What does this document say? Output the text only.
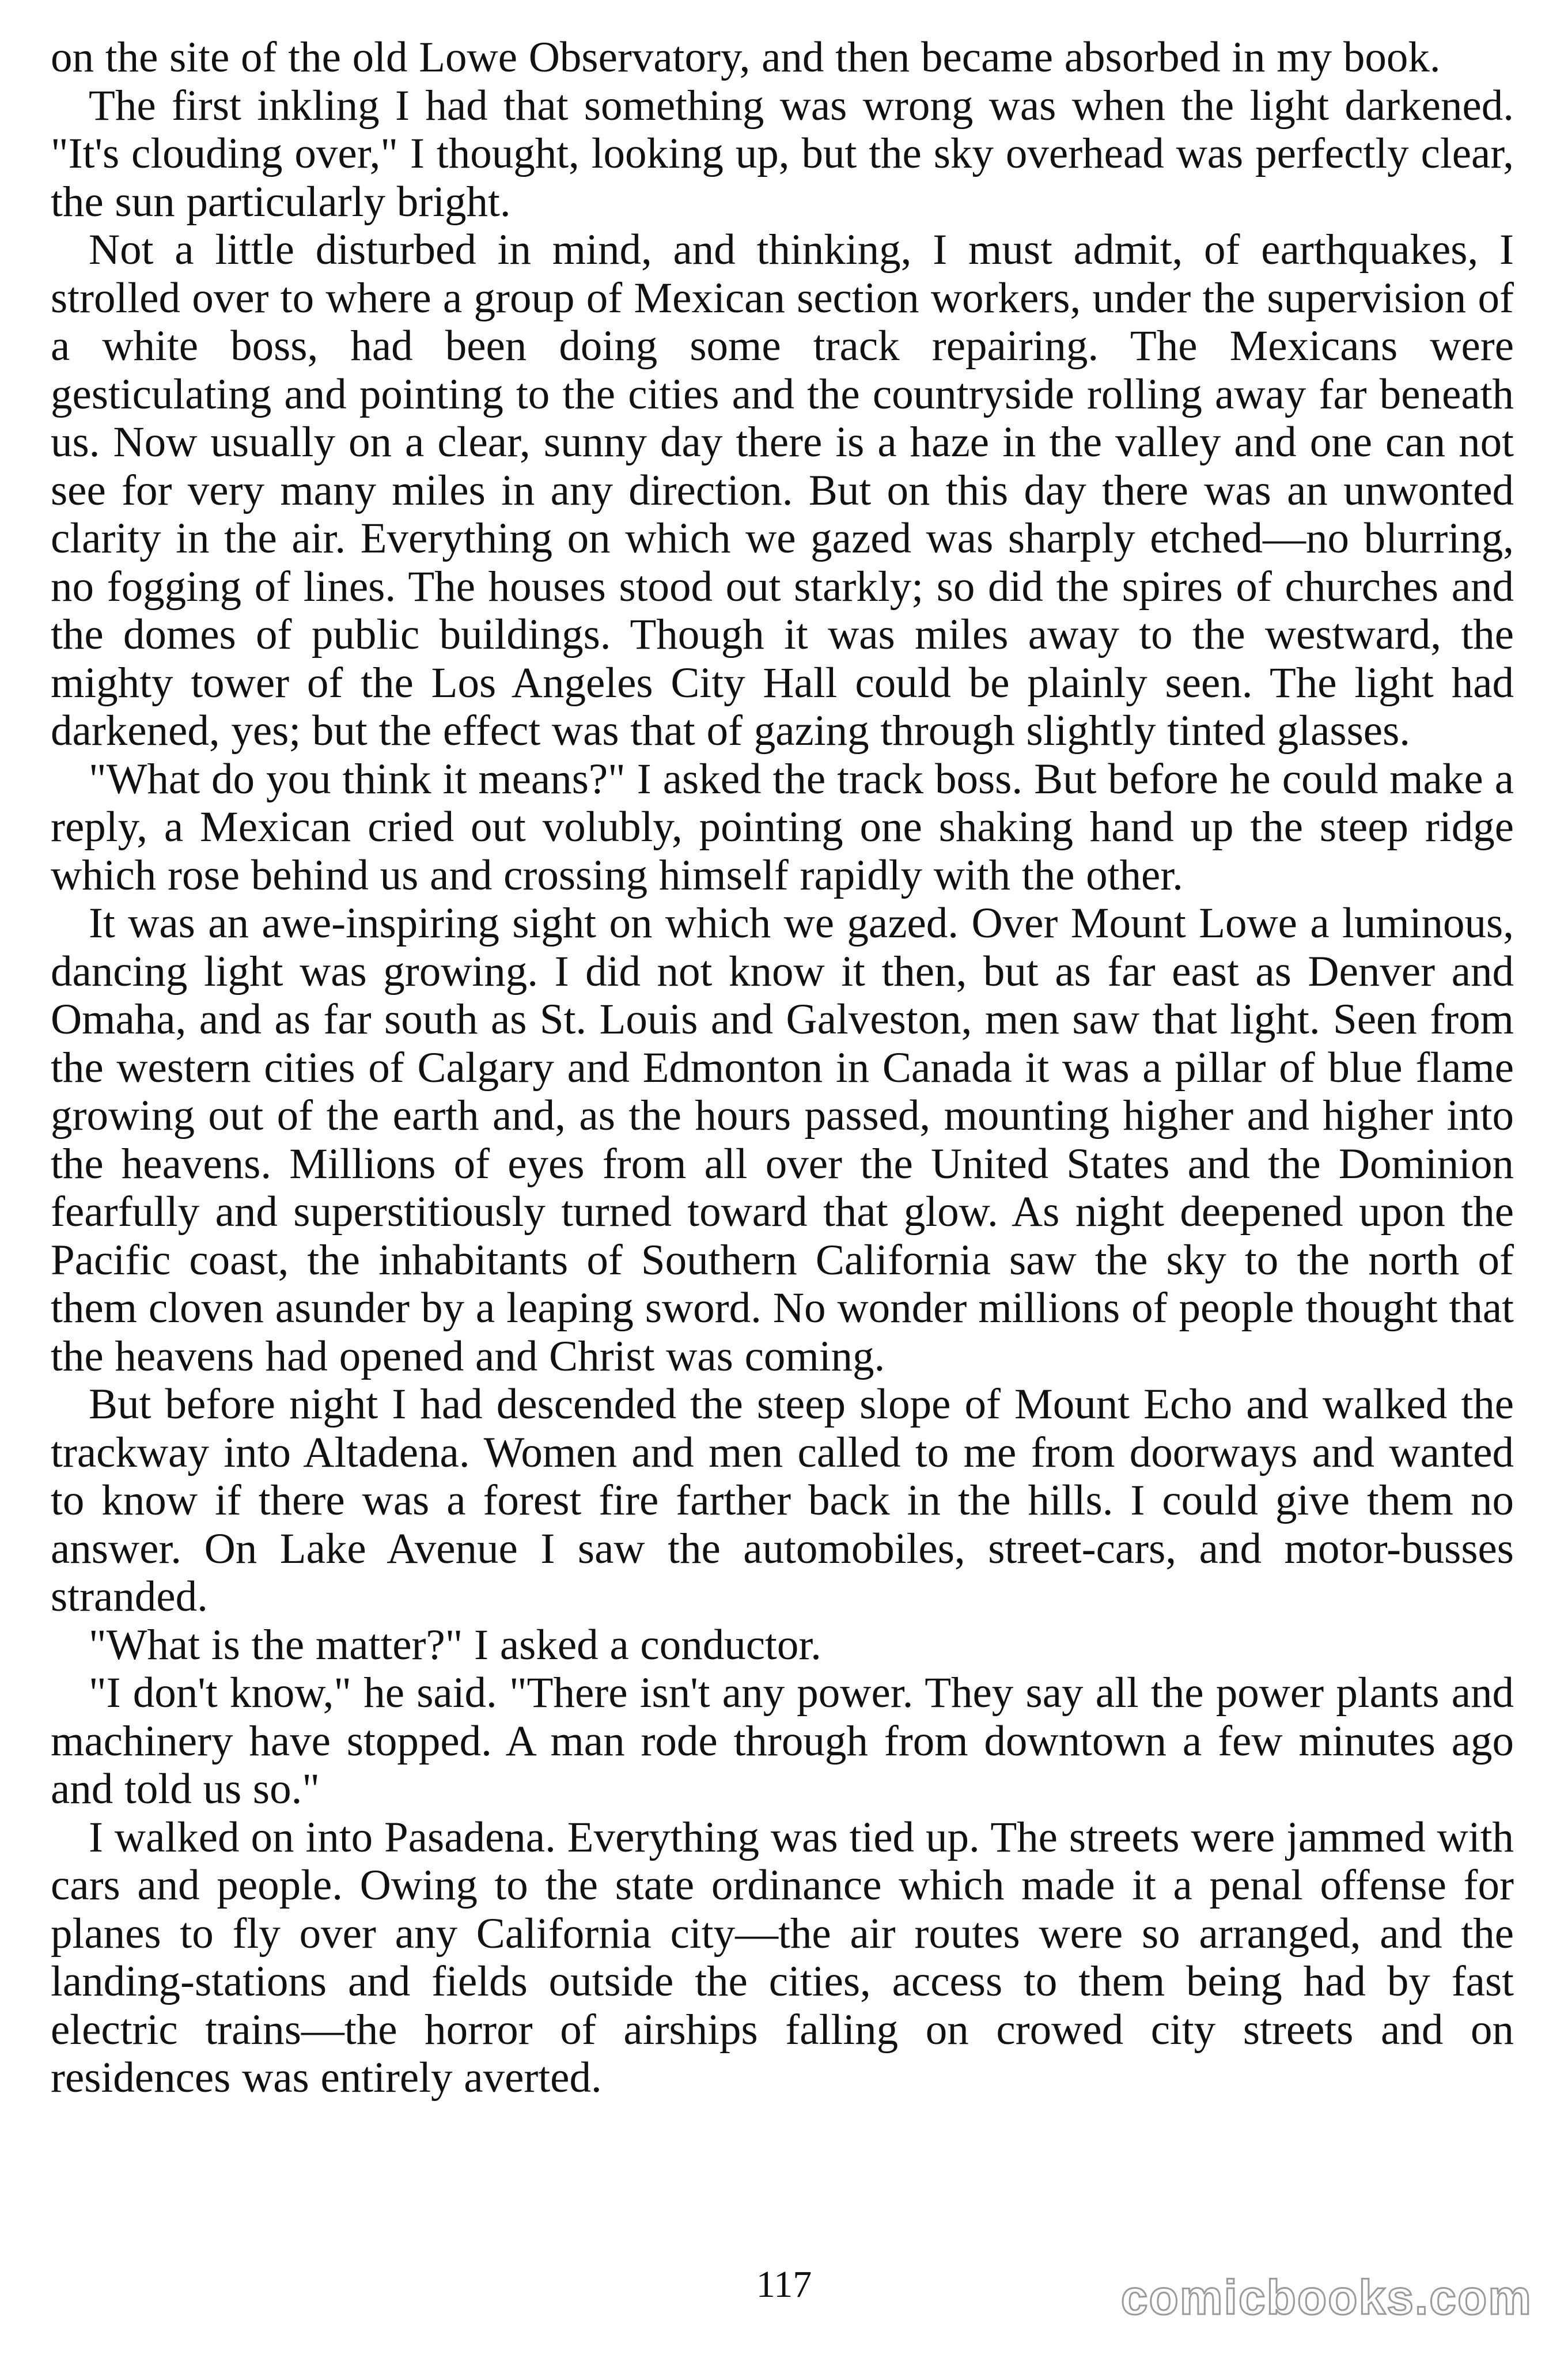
on the site of the old Lowe Observatory, and then became absorbed in my book.

The first inkling I had that something was wrong was when the light darkened. "It's clouding over," I thought, looking up, but the sky overhead was perfectly clear, the sun particularly bright.

Not a little disturbed in mind, and thinking, I must admit, of earthquakes, I strolled over to where a group of Mexican section workers, under the supervision of a white boss, had been doing some track repairing. The Mexicans were gesticulating and pointing to the cities and the countryside rolling away far beneath us. Now usually on a clear, sunny day there is a haze in the valley and one can not see for very many miles in any direction. But on this day there was an unwonted clarity in the air. Everything on which we gazed was sharply etched—no blurring, no fogging of lines. The houses stood out starkly; so did the spires of churches and the domes of public buildings. Though it was miles away to the westward, the mighty tower of the Los Angeles City Hall could be plainly seen. The light had darkened, yes; but the effect was that of gazing through slightly tinted glasses.

"What do you think it means?" I asked the track boss. But before he could make a reply, a Mexican cried out volubly, pointing one shaking hand up the steep ridge which rose behind us and crossing himself rapidly with the other.

It was an awe-inspiring sight on which we gazed. Over Mount Lowe a luminous, dancing light was growing. I did not know it then, but as far east as Denver and Omaha, and as far south as St. Louis and Galveston, men saw that light. Seen from the western cities of Calgary and Edmonton in Canada it was a pillar of blue flame growing out of the earth and, as the hours passed, mounting higher and higher into the heavens. Millions of eyes from all over the United States and the Dominion fearfully and superstitiously turned toward that glow. As night deepened upon the Pacific coast, the inhabitants of Southern California saw the sky to the north of them cloven asunder by a leaping sword. No wonder millions of people thought that the heavens had opened and Christ was coming.

But before night I had descended the steep slope of Mount Echo and walked the trackway into Altadena. Women and men called to me from doorways and wanted to know if there was a forest fire farther back in the hills. I could give them no answer. On Lake Avenue I saw the automobiles, street-cars, and motor-busses stranded.

"What is the matter?" I asked a conductor.

"I don't know," he said. "There isn't any power. They say all the power plants and machinery have stopped. A man rode through from downtown a few minutes ago and told us so."

I walked on into Pasadena. Everything was tied up. The streets were jammed with cars and people. Owing to the state ordinance which made it a penal offense for planes to fly over any California city—the air routes were so arranged, and the landing-stations and fields outside the cities, access to them being had by fast electric trains—the horror of airships falling on crowed city streets and on residences was entirely averted.

117	comicbooks.com
